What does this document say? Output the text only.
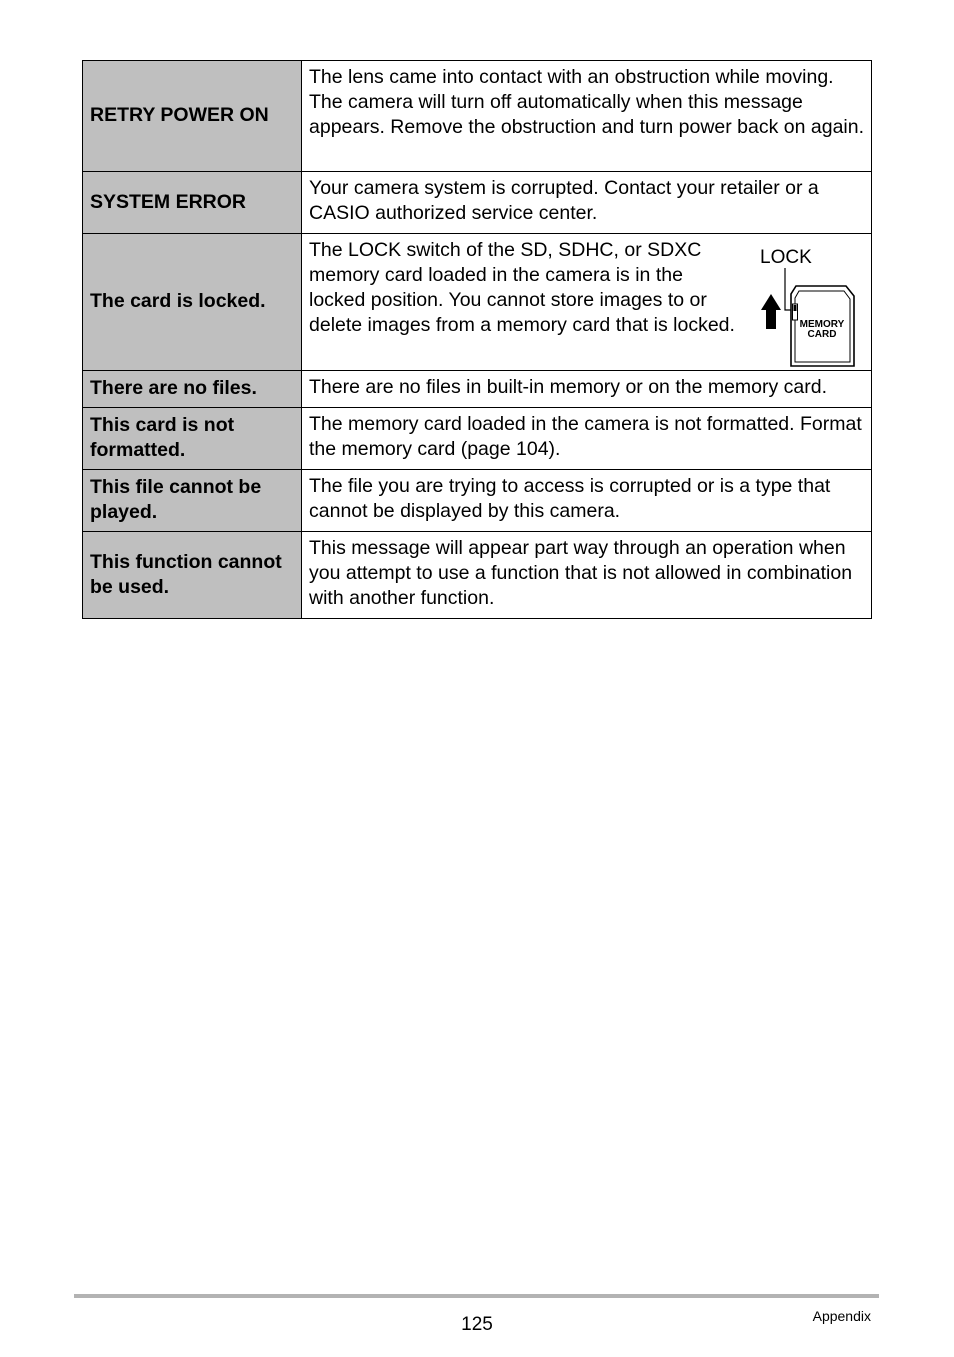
RETRY POWER ON	The lens came into contact with an obstruction while moving. The camera will turn off automatically when this message appears. Remove the obstruction and turn power back on again.
SYSTEM ERROR	Your camera system is corrupted. Contact your retailer or a CASIO authorized service center.
The card is locked.	The LOCK switch of the SD, SDHC, or SDXC memory card loaded in the camera is in the locked position. You cannot store images to or delete images from a memory card that is locked.
LOCK
MEMORY
CARD

There are no files.	There are no files in built-in memory or on the memory card.
This card is not formatted.	The memory card loaded in the camera is not formatted. Format the memory card (page 104).
This file cannot be played.	The file you are trying to access is corrupted or is a type that cannot be displayed by this camera.
This function cannot be used.	This message will appear part way through an operation when you attempt to use a function that is not allowed in combination with another function.
125	Appendix
